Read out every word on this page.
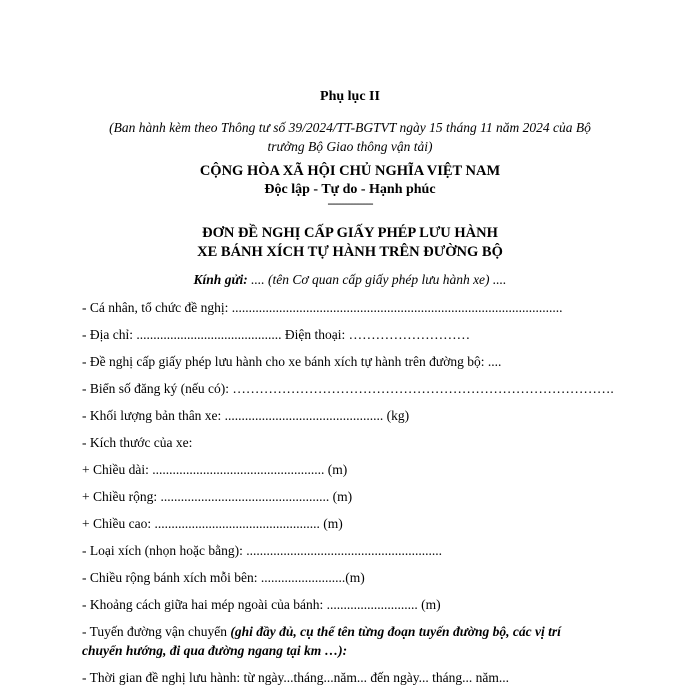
Phụ lục II
(Ban hành kèm theo Thông tư số 39/2024/TT-BGTVT ngày 15 tháng 11 năm 2024 của Bộ
trưởng Bộ Giao thông vận tải)
CỘNG HÒA XÃ HỘI CHỦ NGHĨA VIỆT NAM
Độc lập - Tự do - Hạnh phúc
---------------
ĐƠN ĐỀ NGHỊ CẤP GIẤY PHÉP LƯU HÀNH
XE BÁNH XÍCH TỰ HÀNH TRÊN ĐƯỜNG BỘ
Kính gửi: .... (tên Cơ quan cấp giấy phép lưu hành xe) ....
- Cá nhân, tổ chức đề nghị: ..................................................................................................
- Địa chỉ: ........................................... Điện thoại: ………………………
- Đề nghị cấp giấy phép lưu hành cho xe bánh xích tự hành trên đường bộ: ....
- Biển số đăng ký (nếu có): ………………………………………………………………………….
- Khối lượng bản thân xe: ............................................... (kg)
- Kích thước của xe:
+ Chiều dài: ................................................... (m)
+ Chiều rộng: .................................................. (m)
+ Chiều cao: ................................................. (m)
- Loại xích (nhọn hoặc bằng): ..........................................................
- Chiều rộng bánh xích mỗi bên: .........................(m)
- Khoảng cách giữa hai mép ngoài của bánh: ........................... (m)
- Tuyến đường vận chuyển (ghi đầy đủ, cụ thể tên từng đoạn tuyến đường bộ, các vị trí
chuyển hướng, đi qua đường ngang tại km …):
- Thời gian đề nghị lưu hành: từ ngày...tháng...năm... đến ngày... tháng... năm...
